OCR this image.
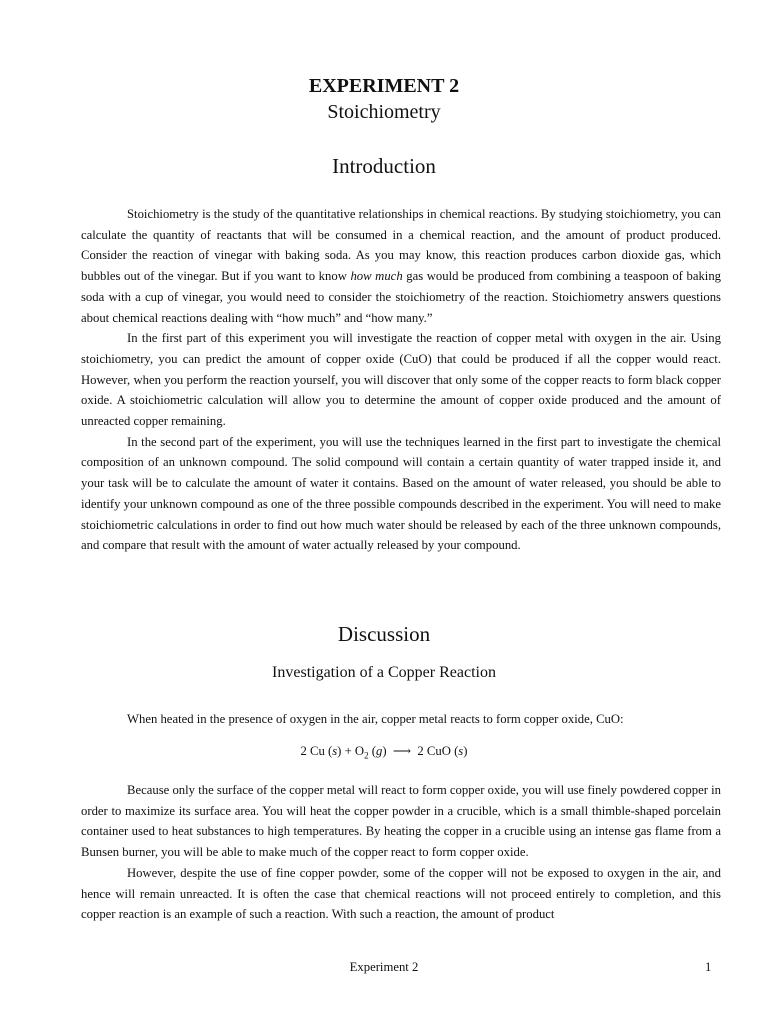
EXPERIMENT 2
Stoichiometry
Introduction

Stoichiometry is the study of the quantitative relationships in chemical reactions. By studying stoichiometry, you can calculate the quantity of reactants that will be consumed in a chemical reaction, and the amount of product produced. Consider the reaction of vinegar with baking soda. As you may know, this reaction produces carbon dioxide gas, which bubbles out of the vinegar. But if you want to know how much gas would be produced from combining a teaspoon of baking soda with a cup of vinegar, you would need to consider the stoichiometry of the reaction. Stoichiometry answers questions about chemical reactions dealing with “how much” and “how many.”

In the first part of this experiment you will investigate the reaction of copper metal with oxygen in the air. Using stoichiometry, you can predict the amount of copper oxide (CuO) that could be produced if all the copper would react. However, when you perform the reaction yourself, you will discover that only some of the copper reacts to form black copper oxide. A stoichiometric calculation will allow you to determine the amount of copper oxide produced and the amount of unreacted copper remaining.

In the second part of the experiment, you will use the techniques learned in the first part to investigate the chemical composition of an unknown compound. The solid compound will contain a certain quantity of water trapped inside it, and your task will be to calculate the amount of water it contains. Based on the amount of water released, you should be able to identify your unknown compound as one of the three possible compounds described in the experiment. You will need to make stoichiometric calculations in order to find out how much water should be released by each of the three unknown compounds, and compare that result with the amount of water actually released by your compound.

Discussion
Investigation of a Copper Reaction

When heated in the presence of oxygen in the air, copper metal reacts to form copper oxide, CuO:

2 Cu $(s) + O_2$ (g)  ⟶  2 CuO (s)

Because only the surface of the copper metal will react to form copper oxide, you will use finely powdered copper in order to maximize its surface area. You will heat the copper powder in a crucible, which is a small thimble-shaped porcelain container used to heat substances to high temperatures. By heating the copper in a crucible using an intense gas flame from a Bunsen burner, you will be able to make much of the copper react to form copper oxide.

However, despite the use of fine copper powder, some of the copper will not be exposed to oxygen in the air, and hence will remain unreacted. It is often the case that chemical reactions will not proceed entirely to completion, and this copper reaction is an example of such a reaction. With such a reaction, the amount of product

Experiment 2	1
